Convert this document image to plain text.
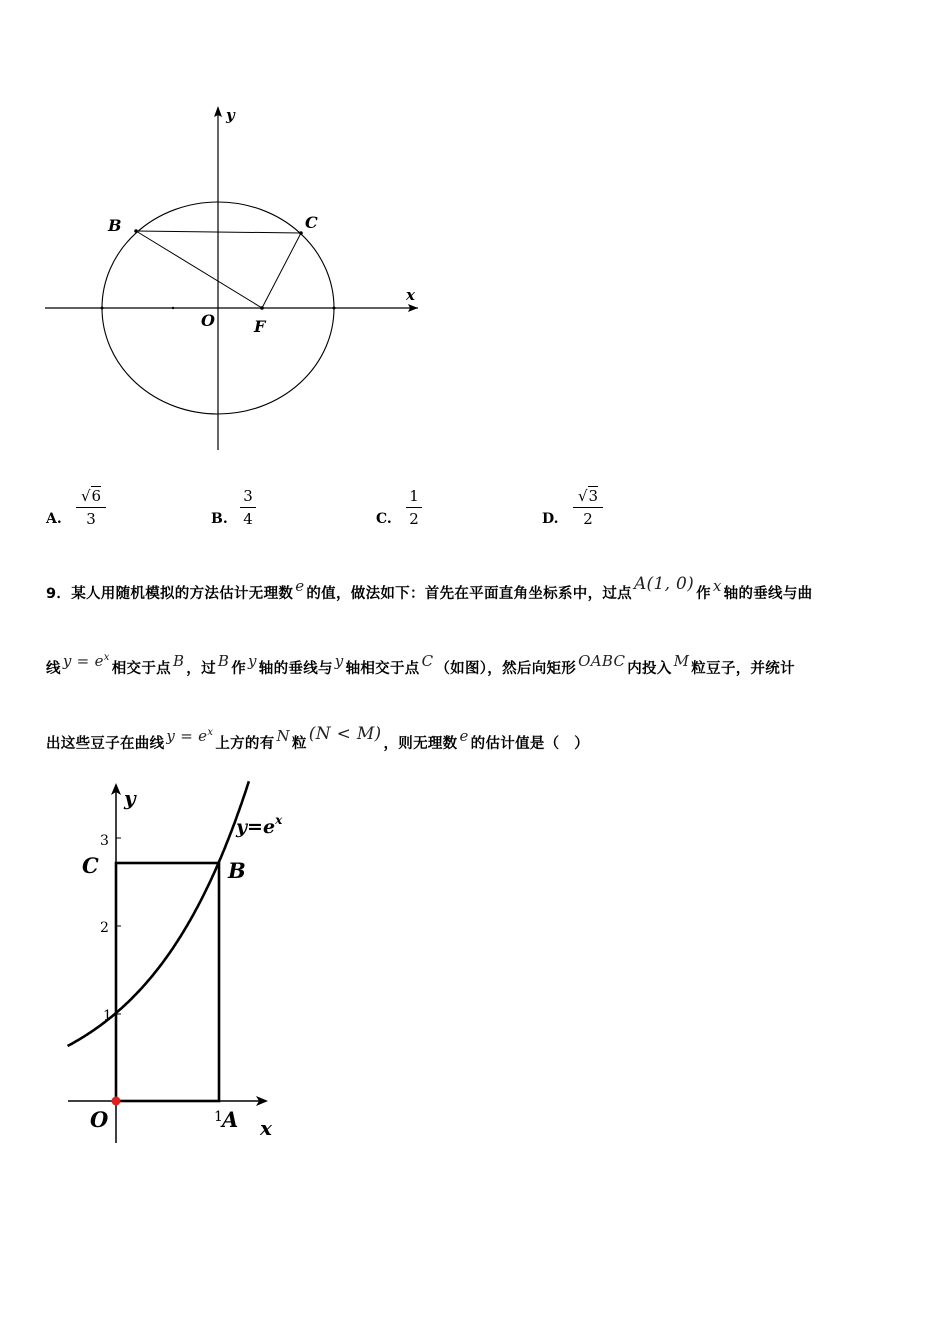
y
x
B	C
O F
A.
√6
3	B.
3
4	C.
1
2	D.
√3
2
9．某人用随机模拟的方法估计无理数 e 的值，做法如下：首先在平面直角坐标系中，过点 A(1, 0) 作 x 轴的垂线与曲
线 $y = e^x$相交于点 B ，过 B 作 y 轴的垂线与 y 轴相交于点 C （如图），然后向矩形 OABC 内投入 M 粒豆子，并统计
出这些豆子在曲线 $y = e^x$上方的有 N 粒 (N < M) ，则无理数 e 的估计值是（　）
y
x
3
2
1
1
C	B
O	A
$y=e^x$
